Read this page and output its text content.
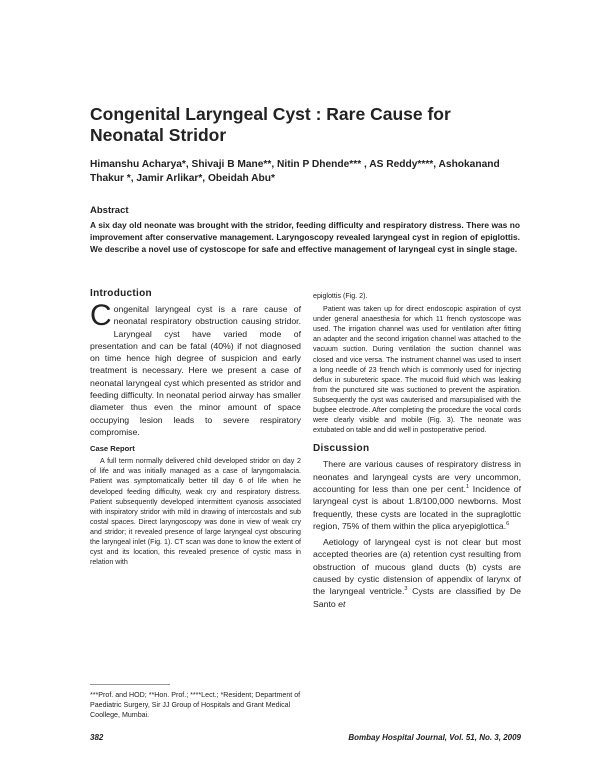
Congenital Laryngeal Cyst : Rare Cause for Neonatal Stridor

Himanshu Acharya*, Shivaji B Mane**, Nitin P Dhende*** , AS Reddy****, Ashokanand Thakur *, Jamir Arlikar*, Obeidah Abu*

Abstract

A six day old neonate was brought with the stridor, feeding difficulty and respiratory distress. There was no improvement after conservative management. Laryngoscopy revealed laryngeal cyst in region of epiglottis. We describe a novel use of cystoscope for safe and effective management of laryngeal cyst in single stage.

Introduction

Congenital laryngeal cyst is a rare cause of neonatal respiratory obstruction causing stridor. Laryngeal cyst have varied mode of presentation and can be fatal (40%) if not diagnosed on time hence high degree of suspicion and early treatment is necessary. Here we present a case of neonatal laryngeal cyst which presented as stridor and feeding difficulty. In neonatal period airway has smaller diameter thus even the minor amount of space occupying lesion leads to severe respiratory compromise.

Case Report

A full term normally delivered child developed stridor on day 2 of life and was initially managed as a case of laryngomalacia. Patient was symptomatically better till day 6 of life when he developed feeding difficulty, weak cry and respiratory distress. Patient subsequently developed intermittent cyanosis associated with inspiratory stridor with mild in drawing of intercostals and sub costal spaces. Direct laryngoscopy was done in view of weak cry and stridor; it revealed presence of large laryngeal cyst obscuring the laryngeal inlet (Fig. 1). CT scan was done to know the extent of cyst and its location, this revealed presence of cystic mass in relation with

***Prof. and HOD; **Hon. Prof.; ****Lect.; *Resident; Department of Paediatric Surgery, Sir JJ Group of Hospitals and Grant Medical Coollege, Mumbai.

epiglottis (Fig. 2).

Patient was taken up for direct endoscopic aspiration of cyst under general anaesthesia for which 11 french cystoscope was used. The irrigation channel was used for ventilation after fitting an adapter and the second irrigation channel was attached to the vacuum suction. During ventilation the suction channel was closed and vice versa. The instrument channel was used to insert a long needle of 23 french which is commonly used for injecting deflux in subureteric space. The mucoid fluid which was leaking from the punctured site was suctioned to prevent the aspiration. Subsequently the cyst was cauterised and marsupialised with the bugbee electrode. After completing the procedure the vocal cords were clearly visible and mobile (Fig. 3). The neonate was extubated on table and did well in postoperative period.

Discussion

There are various causes of respiratory distress in neonates and laryngeal cysts are very uncommon, accounting for less than one per cent.$^1$ Incidence of laryngeal cyst is about 1.8/100,000 newborns. Most frequently, these cysts are located in the supraglottic region, 75% of them within the plica aryepiglottica.$^6$

Aetiology of laryngeal cyst is not clear but most accepted theories are (a) retention cyst resulting from obstruction of mucous gland ducts (b) cysts are caused by cystic distension of appendix of larynx of the laryngeal ventricle.$^3$ Cysts are classified by De Santo et

382	Bombay Hospital Journal, Vol. 51, No. 3, 2009
